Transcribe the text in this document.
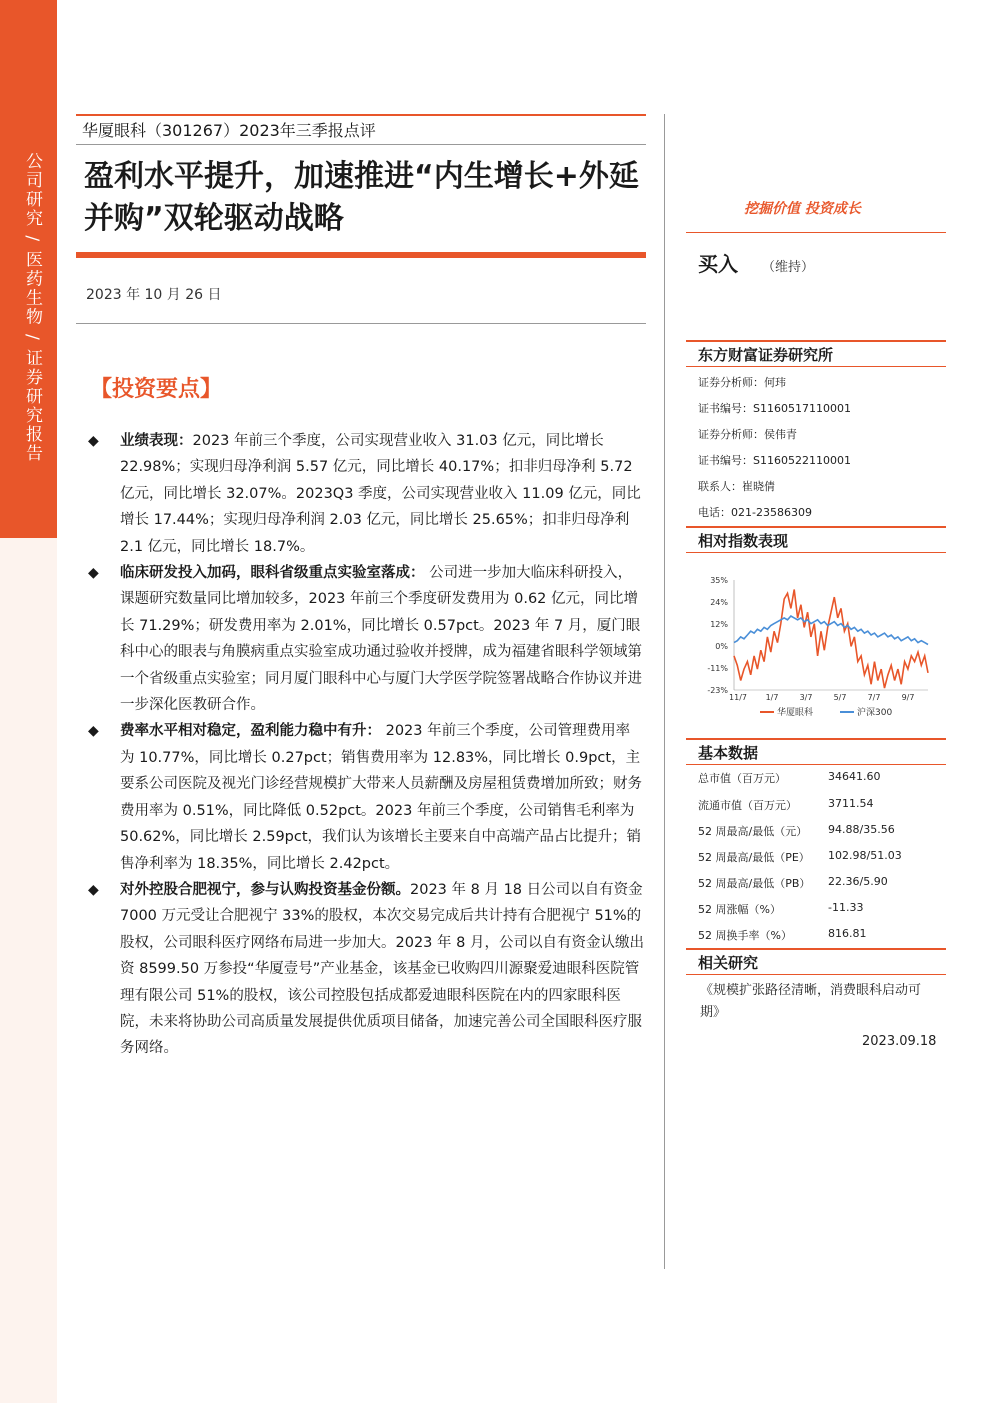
公司研究 / 医药生物 / 证券研究报告
华厦眼科（301267）2023年三季报点评
盈利水平提升，加速推进“内生增长+外延并购”双轮驱动战略
2023 年 10 月 26 日
【投资要点】
◆ 业绩表现：2023 年前三个季度，公司实现营业收入 31.03 亿元，同比增长 22.98%；实现归母净利润 5.57 亿元，同比增长 40.17%；扣非归母净利 5.72 亿元，同比增长 32.07%。2023Q3 季度，公司实现营业收入 11.09 亿元，同比增长 17.44%；实现归母净利润 2.03 亿元，同比增长 25.65%；扣非归母净利 2.1 亿元，同比增长 18.7%。
◆ 临床研发投入加码，眼科省级重点实验室落成： 公司进一步加大临床科研投入，课题研究数量同比增加较多，2023 年前三个季度研发费用为 0.62 亿元，同比增长 71.29%；研发费用率为 2.01%，同比增长 0.57pct。2023 年 7 月，厦门眼科中心的眼表与角膜病重点实验室成功通过验收并授牌，成为福建省眼科学领域第一个省级重点实验室；同月厦门眼科中心与厦门大学医学院签署战略合作协议并进一步深化医教研合作。
◆ 费率水平相对稳定，盈利能力稳中有升： 2023 年前三个季度，公司管理费用率为 10.77%，同比增长 0.27pct；销售费用率为 12.83%，同比增长 0.9pct，主要系公司医院及视光门诊经营规模扩大带来人员薪酬及房屋租赁费增加所致；财务费用率为 0.51%，同比降低 0.52pct。2023 年前三个季度，公司销售毛利率为 50.62%，同比增长 2.59pct，我们认为该增长主要来自中高端产品占比提升；销售净利率为 18.35%，同比增长 2.42pct。
◆ 对外控股合肥视宁，参与认购投资基金份额。2023 年 8 月 18 日公司以自有资金 7000 万元受让合肥视宁 33%的股权，本次交易完成后共计持有合肥视宁 51%的股权，公司眼科医疗网络布局进一步加大。2023 年 8 月，公司以自有资金认缴出资 8599.50 万参投“华厦壹号”产业基金，该基金已收购四川源聚爱迪眼科医院管理有限公司 51%的股权，该公司控股包括成都爱迪眼科医院在内的四家眼科医院，未来将协助公司高质量发展提供优质项目储备，加速完善公司全国眼科医疗服务网络。
挖掘价值 投资成长
买入 （维持）
东方财富证券研究所
证券分析师：何玮
证书编号：S1160517110001
证券分析师：侯伟青
证书编号：S1160522110001
联系人：崔晓倩
电话：021-23586309
相对指数表现
35%
24%
12%
0%
-11%
-23%
11/7 1/7	3/7	5/7	7/7	9/7
华厦眼科	沪深300
基本数据
总市值（百万元）	34641.60
流通市值（百万元）	3711.54
52 周最高/最低（元） 94.88/35.56
52 周最高/最低（PE） 102.98/51.03
52 周最高/最低（PB） 22.36/5.90
52 周涨幅（%）	-11.33
52 周换手率（%）	816.81
相关研究
《规模扩张路径清晰，消费眼科启动可期》
2023.09.18
